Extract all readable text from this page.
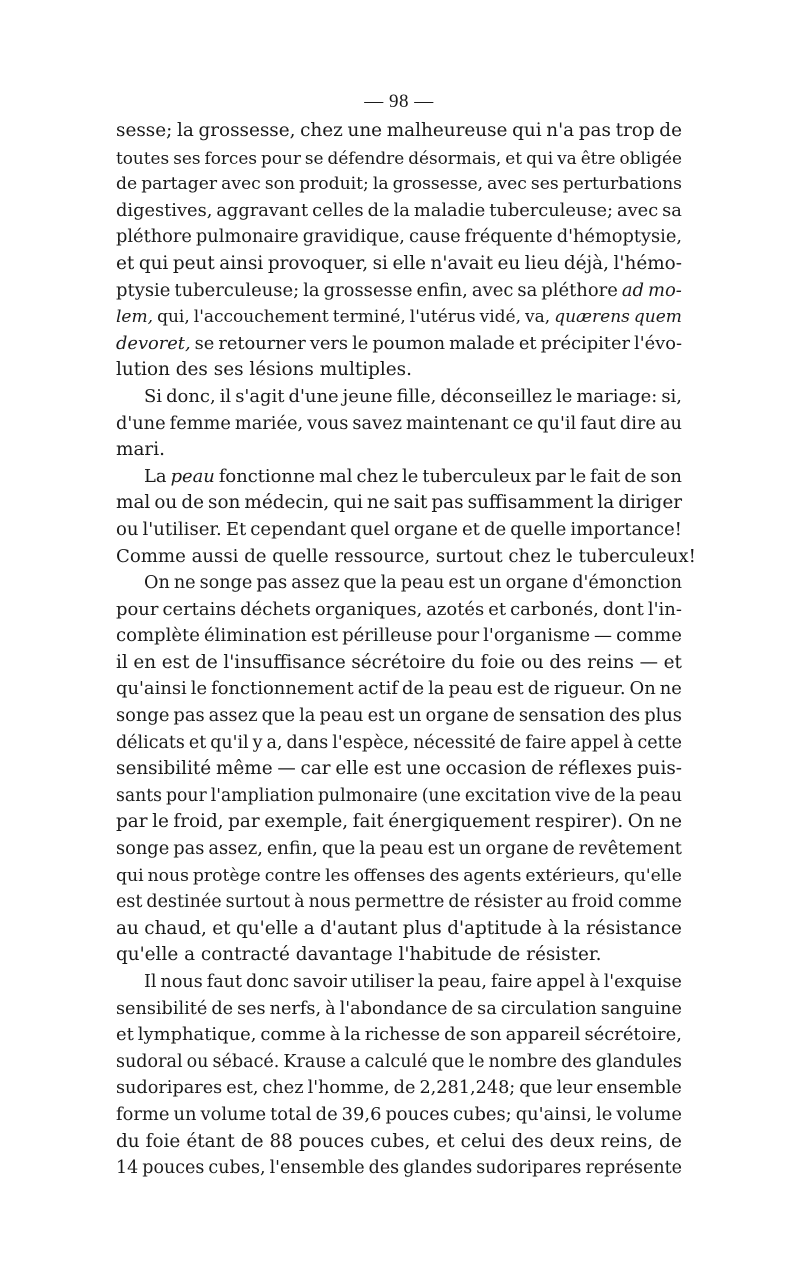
— 98 —
sesse; la grossesse, chez une malheureuse qui n'a pas trop de
toutes ses forces pour se défendre désormais, et qui va être obligée
de partager avec son produit; la grossesse, avec ses perturbations
digestives, aggravant celles de la maladie tuberculeuse; avec sa
pléthore pulmonaire gravidique, cause fréquente d'hémoptysie,
et qui peut ainsi provoquer, si elle n'avait eu lieu déjà, l'hémo-
ptysie tuberculeuse; la grossesse enfin, avec sa pléthore ad mo-
lem, qui, l'accouchement terminé, l'utérus vidé, va, quærens quem
devoret, se retourner vers le poumon malade et précipiter l'évo-
lution
des
ses
lésions
multiples.
Si donc, il s'agit d'une jeune fille, déconseillez le mariage: si,
d'une femme mariée, vous savez maintenant ce qu'il faut dire au
mari.
La peau fonctionne mal chez le tuberculeux par le fait de son
mal ou de son médecin, qui ne sait pas suffisamment la diriger
ou l'utiliser. Et cependant quel organe et de quelle importance!
Comme
aussi
de
quelle
ressource,
surtout
chez
le
tuberculeux!
On ne songe pas assez que la peau est un organe d'émonction
pour certains déchets organiques, azotés et carbonés, dont l'in-
complète élimination est périlleuse pour l'organisme — comme
il en est de l'insuffisance sécrétoire du foie ou des reins — et
qu'ainsi le fonctionnement actif de la peau est de rigueur. On ne
songe pas assez que la peau est un organe de sensation des plus
délicats et qu'il y a, dans l'espèce, nécessité de faire appel à cette
sensibilité même — car elle est une occasion de réflexes puis-
sants pour l'ampliation pulmonaire (une excitation vive de la peau
par le froid, par exemple, fait énergiquement respirer). On ne
songe pas assez, enfin, que la peau est un organe de revêtement
qui nous protège contre les offenses des agents extérieurs, qu'elle
est destinée surtout à nous permettre de résister au froid comme
au chaud, et qu'elle a d'autant plus d'aptitude à la résistance
qu'elle
a
contracté
davantage
l'habitude
de
résister.
Il nous faut donc savoir utiliser la peau, faire appel à l'exquise
sensibilité de ses nerfs, à l'abondance de sa circulation sanguine
et lymphatique, comme à la richesse de son appareil sécrétoire,
sudoral ou sébacé. Krause a calculé que le nombre des glandules
sudoripares est, chez l'homme, de 2,281,248; que leur ensemble
forme un volume total de 39,6 pouces cubes; qu'ainsi, le volume
du foie étant de 88 pouces cubes, et celui des deux reins, de
14 pouces cubes, l'ensemble des glandes sudoripares représente
